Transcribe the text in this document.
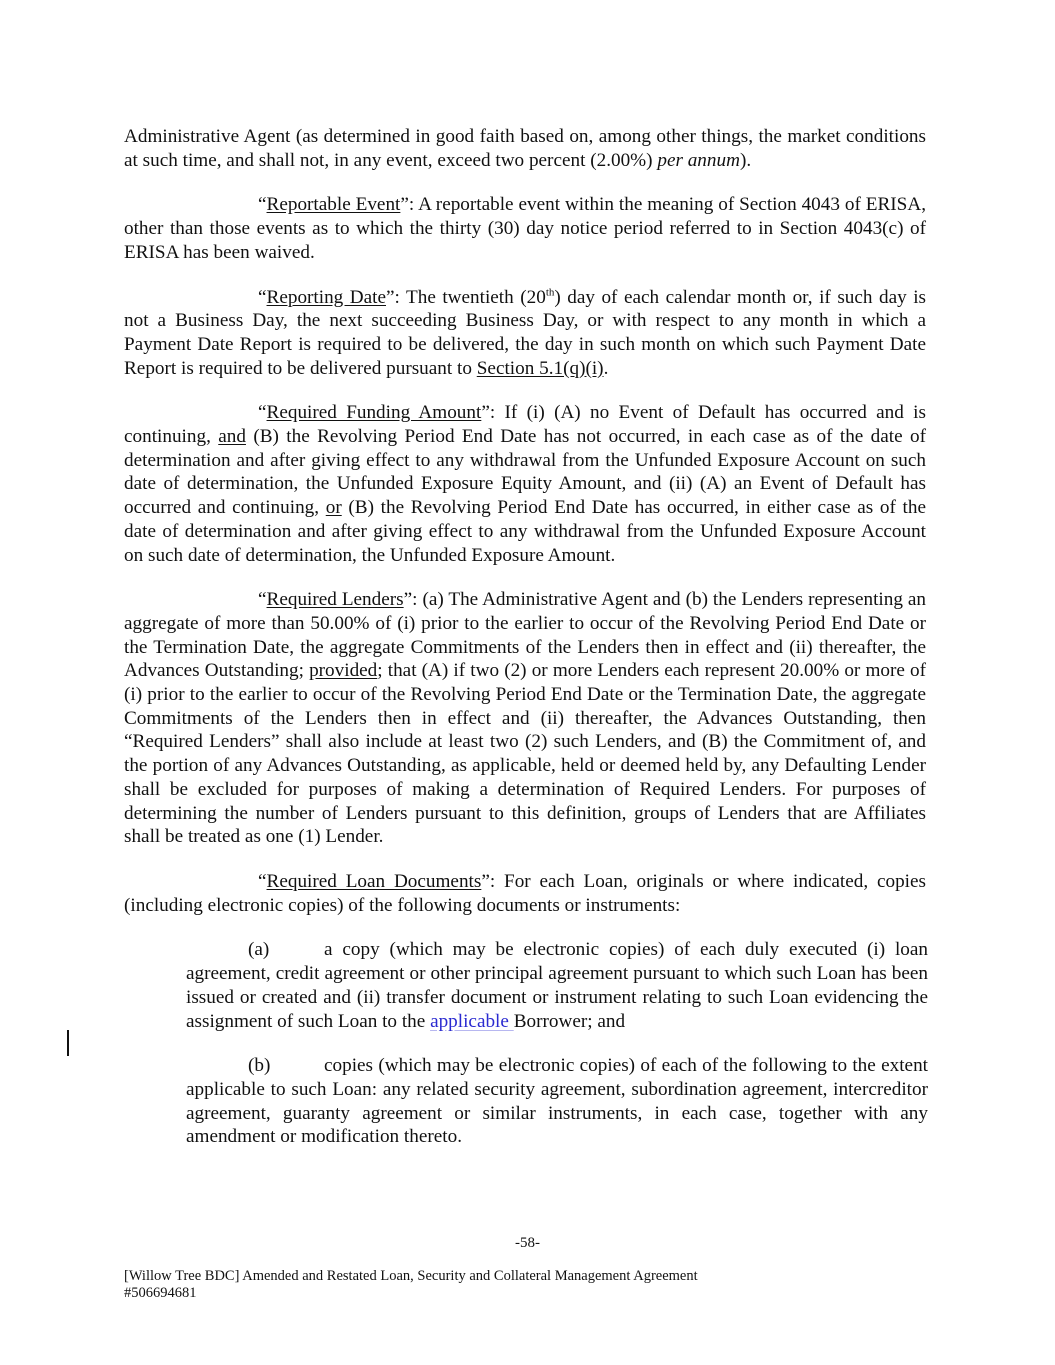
Administrative Agent (as determined in good faith based on, among other things, the market conditions at such time, and shall not, in any event, exceed two percent (2.00%) per annum).

“Reportable Event”: A reportable event within the meaning of Section 4043 of ERISA, other than those events as to which the thirty (30) day notice period referred to in Section 4043(c) of ERISA has been waived.

“Reporting Date”: The twentieth (20th) day of each calendar month or, if such day is not a Business Day, the next succeeding Business Day, or with respect to any month in which a Payment Date Report is required to be delivered, the day in such month on which such Payment Date Report is required to be delivered pursuant to Section 5.1(q)(i).

“Required Funding Amount”: If (i) (A) no Event of Default has occurred and is continuing, and (B) the Revolving Period End Date has not occurred, in each case as of the date of determination and after giving effect to any withdrawal from the Unfunded Exposure Account on such date of determination, the Unfunded Exposure Equity Amount, and (ii) (A) an Event of Default has occurred and continuing, or (B) the Revolving Period End Date has occurred, in either case as of the date of determination and after giving effect to any withdrawal from the Unfunded Exposure Account on such date of determination, the Unfunded Exposure Amount.

“Required Lenders”: (a) The Administrative Agent and (b) the Lenders representing an aggregate of more than 50.00% of (i) prior to the earlier to occur of the Revolving Period End Date or the Termination Date, the aggregate Commitments of the Lenders then in effect and (ii) thereafter, the Advances Outstanding; provided; that (A) if two (2) or more Lenders each represent 20.00% or more of (i) prior to the earlier to occur of the Revolving Period End Date or the Termination Date, the aggregate Commitments of the Lenders then in effect and (ii) thereafter, the Advances Outstanding, then “Required Lenders” shall also include at least two (2) such Lenders, and (B) the Commitment of, and the portion of any Advances Outstanding, as applicable, held or deemed held by, any Defaulting Lender shall be excluded for purposes of making a determination of Required Lenders. For purposes of determining the number of Lenders pursuant to this definition, groups of Lenders that are Affiliates shall be treated as one (1) Lender.

“Required Loan Documents”: For each Loan, originals or where indicated, copies (including electronic copies) of the following documents or instruments:

(a)	a copy (which may be electronic copies) of each duly executed (i) loan agreement, credit agreement or other principal agreement pursuant to which such Loan has been issued or created and (ii) transfer document or instrument relating to such Loan evidencing the assignment of such Loan to the applicable Borrower; and

(b)	copies (which may be electronic copies) of each of the following to the extent applicable to such Loan: any related security agreement, subordination agreement, intercreditor agreement, guaranty agreement or similar instruments, in each case, together with any amendment or modification thereto.

-58-
[Willow Tree BDC] Amended and Restated Loan, Security and Collateral Management Agreement
#506694681
